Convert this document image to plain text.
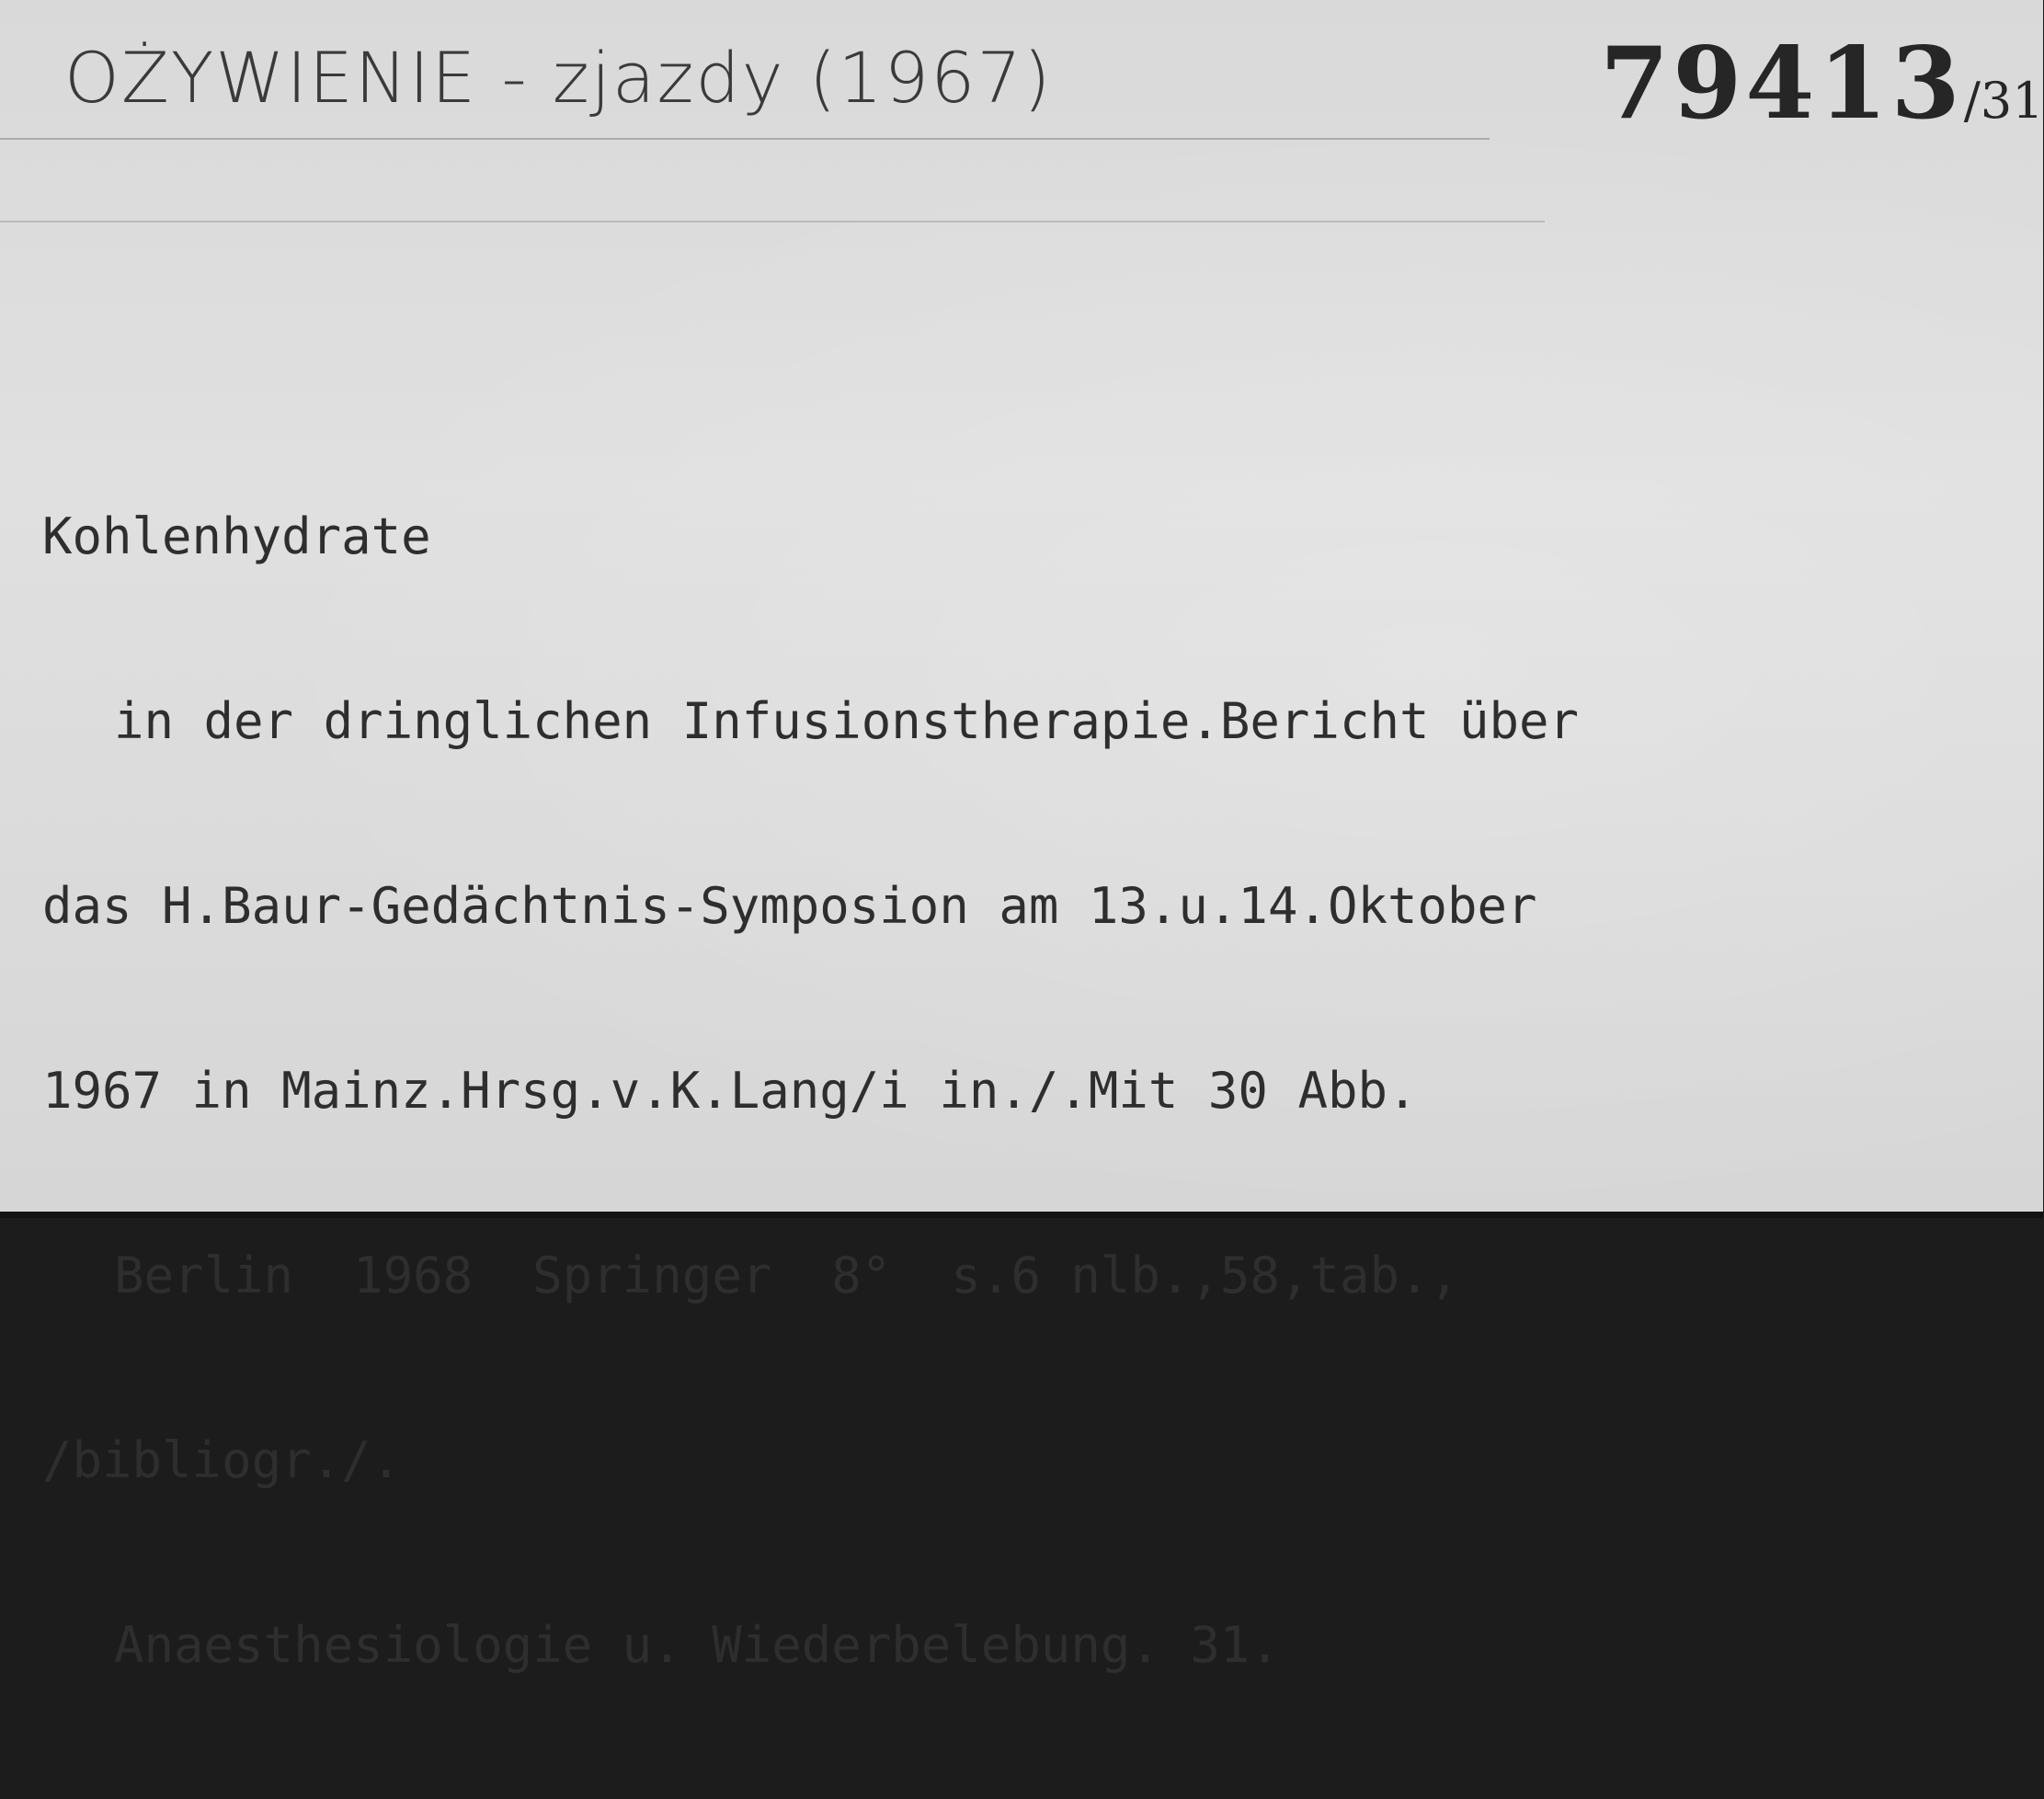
OŻYWIENIE - zjazdy (1967)	79413/31

Kohlenhydrate

in der dringlichen Infusionstherapie.Bericht über

das H.Baur-Gedächtnis-Symposion am 13.u.14.Oktober

1967 in Mainz.Hrsg.v.K.Lang/i in./.Mit 30 Abb.

Berlin  1968  Springer  8°  s.6 nlb.,58,tab.,

/bibliogr./.

Anaesthesiologie u. Wiederbelebung. 31.
